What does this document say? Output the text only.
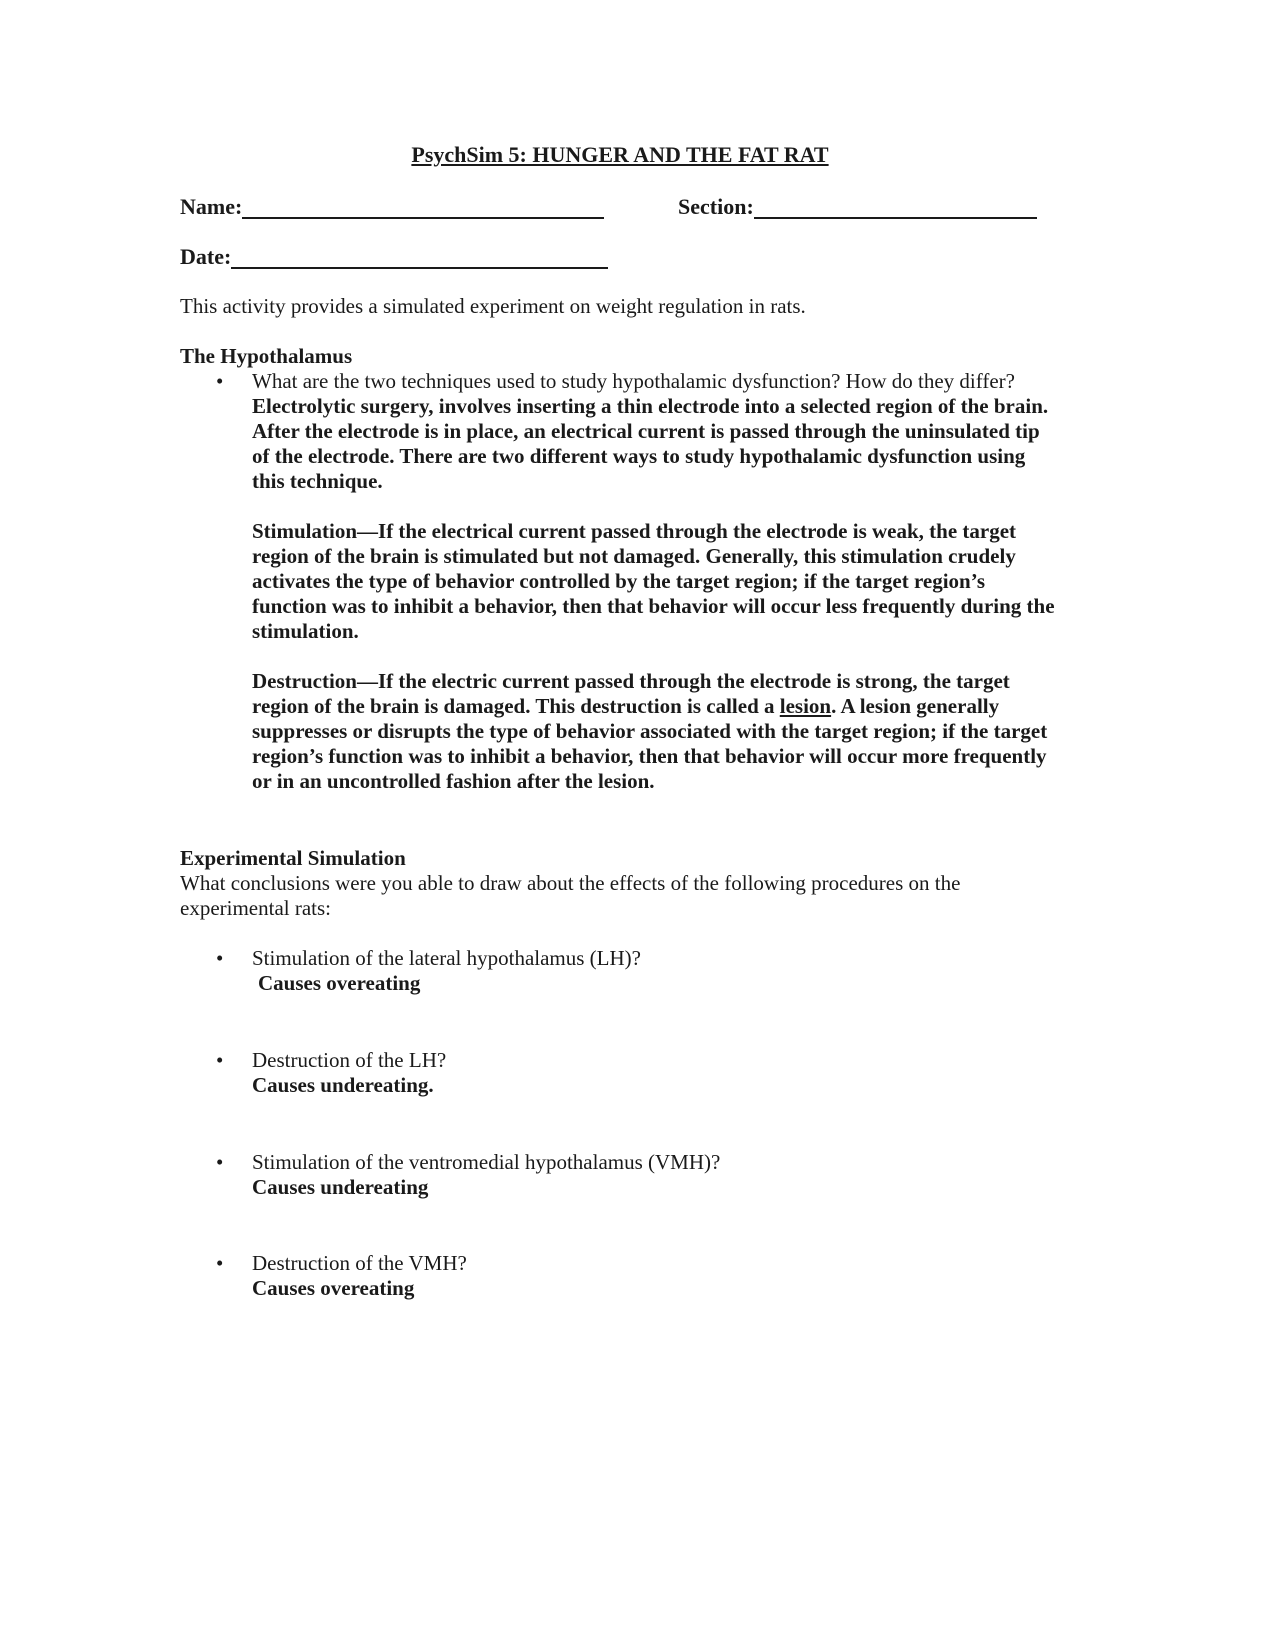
PsychSim 5: HUNGER AND THE FAT RAT
Name:	Section:
Date:
This activity provides a simulated experiment on weight regulation in rats.
The Hypothalamus
• What are the two techniques used to study hypothalamic dysfunction? How do they differ?
Electrolytic surgery, involves inserting a thin electrode into a selected region of the brain. After the electrode is in place, an electrical current is passed through the uninsulated tip of the electrode. There are two different ways to study hypothalamic dysfunction using this technique.
Stimulation—If the electrical current passed through the electrode is weak, the target region of the brain is stimulated but not damaged. Generally, this stimulation crudely activates the type of behavior controlled by the target region; if the target region’s function was to inhibit a behavior, then that behavior will occur less frequently during the stimulation.
Destruction—If the electric current passed through the electrode is strong, the target region of the brain is damaged. This destruction is called a lesion. A lesion generally suppresses or disrupts the type of behavior associated with the target region; if the target region’s function was to inhibit a behavior, then that behavior will occur more frequently or in an uncontrolled fashion after the lesion.
Experimental Simulation
What conclusions were you able to draw about the effects of the following procedures on the experimental rats:
• Stimulation of the lateral hypothalamus (LH)?
Causes overeating
• Destruction of the LH?
Causes undereating.
• Stimulation of the ventromedial hypothalamus (VMH)?
Causes undereating
• Destruction of the VMH?
Causes overeating
